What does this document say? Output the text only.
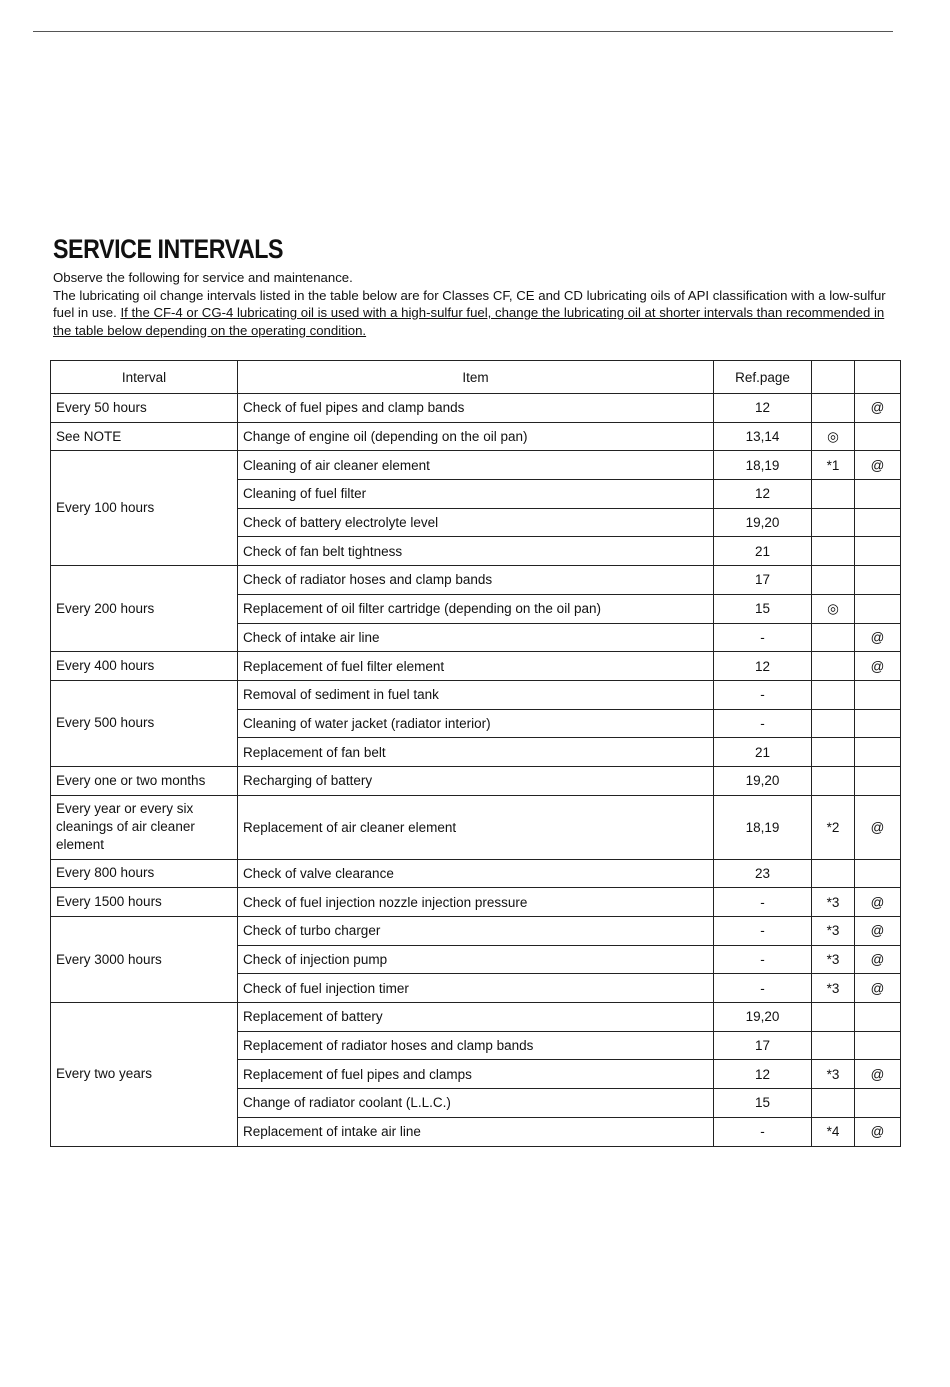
SERVICE INTERVALS

Observe the following for service and maintenance.

The lubricating oil change intervals listed in the table below are for Classes CF, CE and CD lubricating oils of API classification with a low-sulfur fuel in use. If the CF-4 or CG-4 lubricating oil is used with a high-sulfur fuel, change the lubricating oil at shorter intervals than recommended in the table below depending on the operating condition.

Interval	Item	Ref.page		
Every 50 hours	Check of fuel pipes and clamp bands	12		@
See NOTE	Change of engine oil (depending on the oil pan)	13,14	◎	
Every 100 hours	Cleaning of air cleaner element	18,19	*1	@
	Cleaning of fuel filter	12		
	Check of battery electrolyte level	19,20		
	Check of fan belt tightness	21		
Every 200 hours	Check of radiator hoses and clamp bands	17		
	Replacement of oil filter cartridge (depending on the oil pan)	15	◎	
	Check of intake air line	-		@
Every 400 hours	Replacement of fuel filter element	12		@
Every 500 hours	Removal of sediment in fuel tank	-		
	Cleaning of water jacket (radiator interior)	-		
	Replacement of fan belt	21		
Every one or two months	Recharging of battery	19,20		
Every year or every six cleanings of air cleaner element	Replacement of air cleaner element	18,19	*2	@
Every 800 hours	Check of valve clearance	23		
Every 1500 hours	Check of fuel injection nozzle injection pressure	-	*3	@
Every 3000 hours	Check of turbo charger	-	*3	@
	Check of injection pump	-	*3	@
	Check of fuel injection timer	-	*3	@
Every two years	Replacement of battery	19,20		
	Replacement of radiator hoses and clamp bands	17		
	Replacement of fuel pipes and clamps	12	*3	@
	Change of radiator coolant (L.L.C.)	15		
	Replacement of intake air line	-	*4	@
